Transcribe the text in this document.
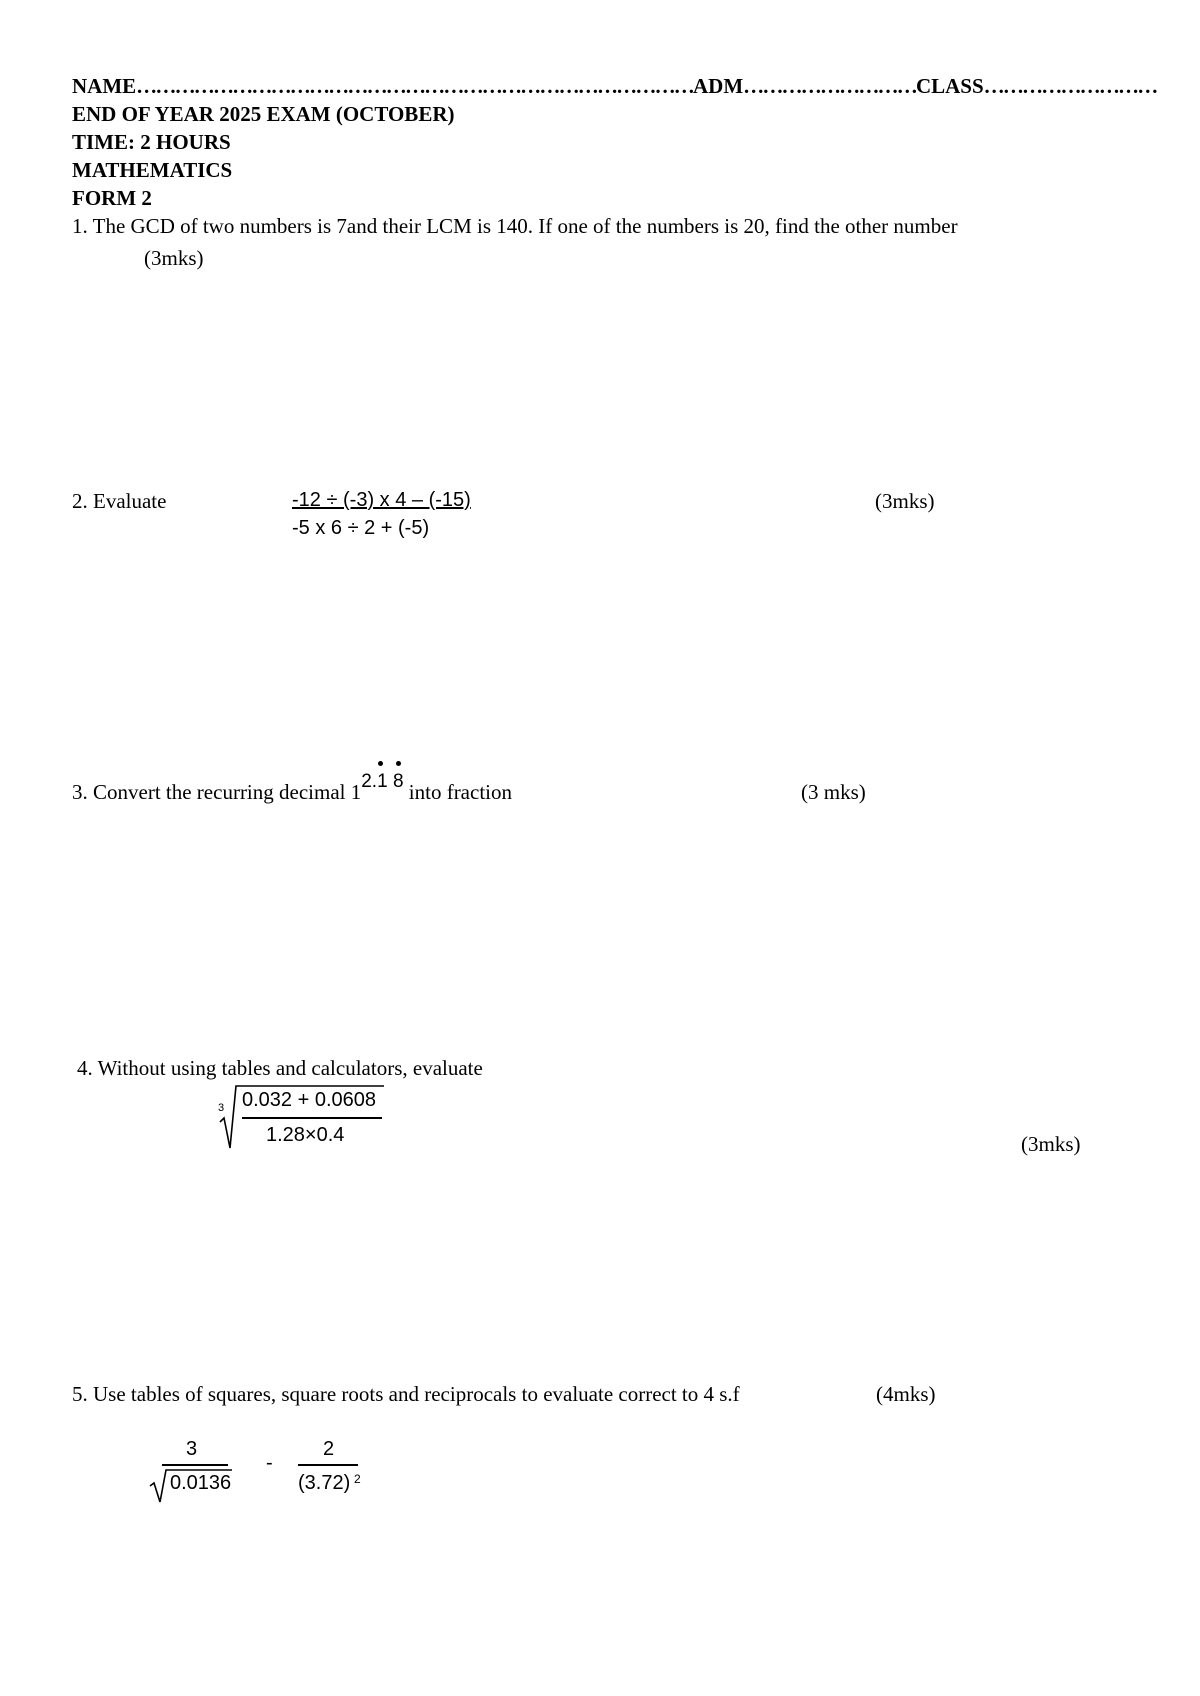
NAME……………………………………………………………………………ADM………………………CLASS………………………
END OF YEAR 2025 EXAM (OCTOBER)
TIME: 2 HOURS
MATHEMATICS
FORM 2
1. The GCD of two numbers is 7and their LCM is 140. If one of the numbers is 20, find the other number
(3mks)
2. Evaluate	-12 ÷ (-3) x 4 – (-15)
-5 x 6 ÷ 2 + (-5)
(3mks)
3. Convert the recurring decimal 12.
1 8 into fraction	(3 mks)
4. Without using tables and calculators, evaluate
3 0.032 + 0.0608
1.28×0.4	(3mks)
5. Use tables of squares, square roots and reciprocals to evaluate correct to 4 s.f	(4mks)
3
0.0136
-
2
(3.72) 2
